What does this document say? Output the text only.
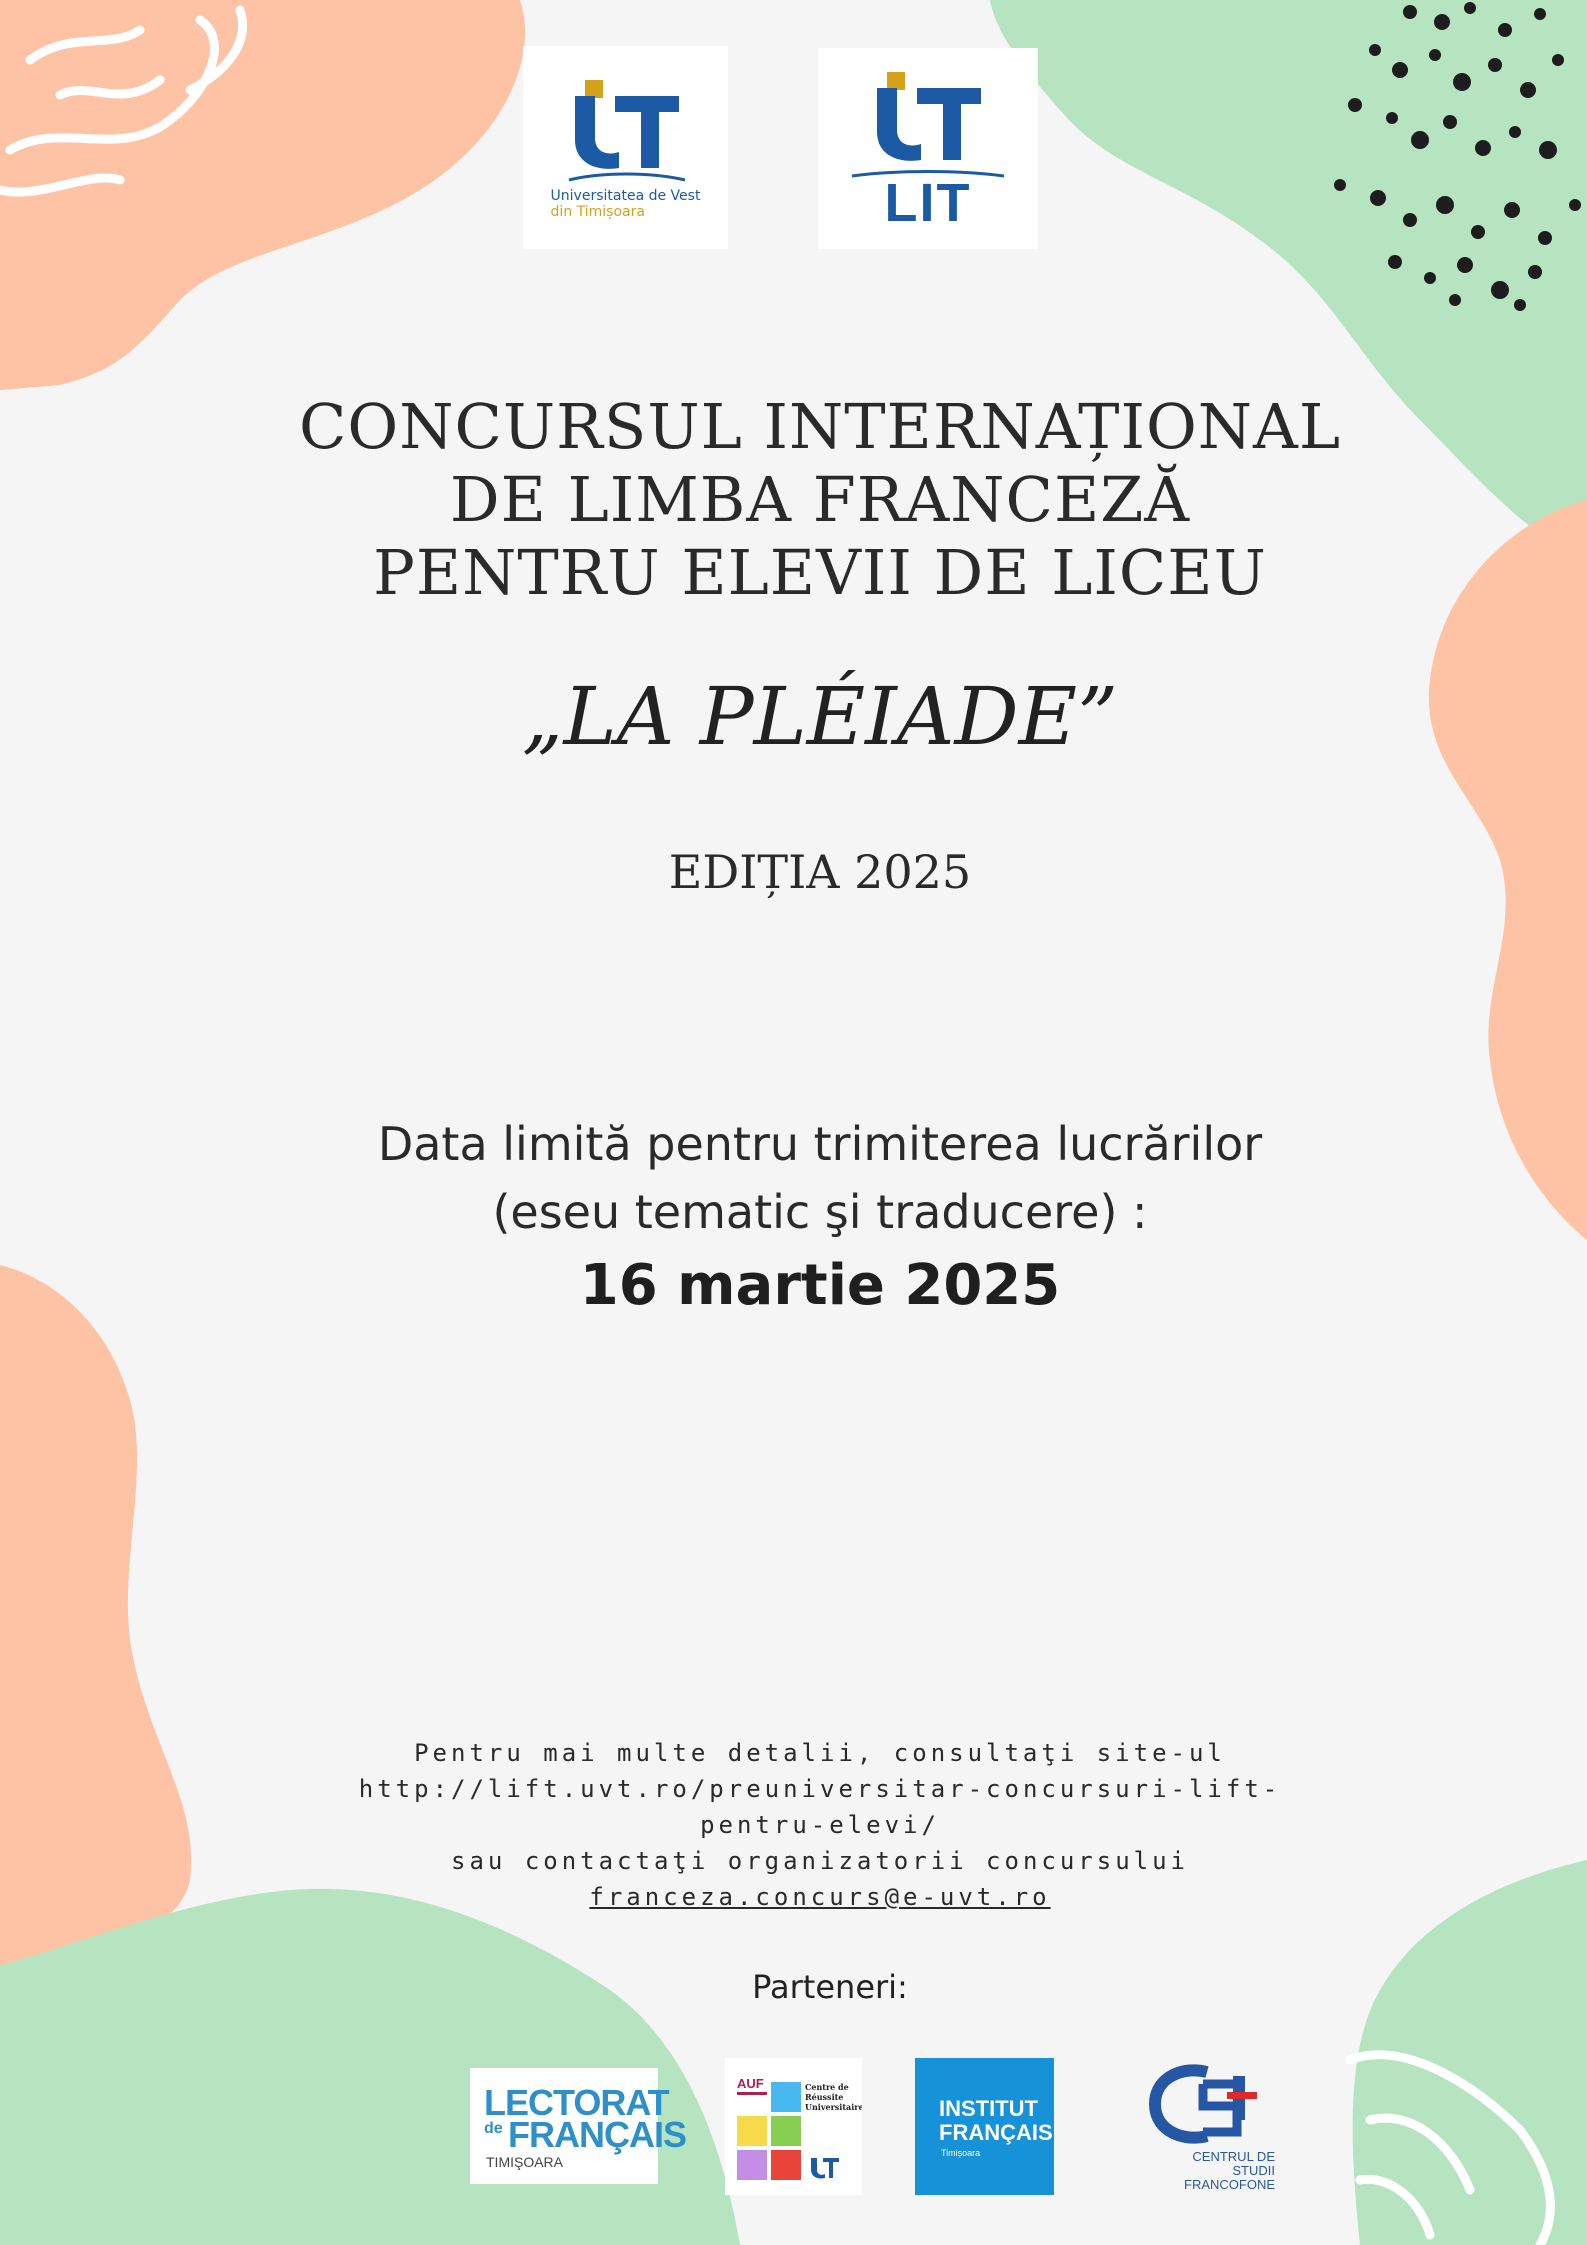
Universitatea de Vest
din Timișoara	LIT
CONCURSUL INTERNAȚIONAL
DE LIMBA FRANCEZĂ
PENTRU ELEVII DE LICEU
„LA PLÉIADE”
EDIȚIA 2025
Data limită pentru trimiterea lucrărilor
(eseu tematic şi traducere) :
16 martie 2025
Pentru mai multe detalii, consultaţi site-ul
http://lift.uvt.ro/preuniversitar-concursuri-lift-
pentru-elevi/
sau contactaţi organizatorii concursului
franceza.concurs@e-uvt.ro
Parteneri:
LECTORAT
de FRANÇAIS
TIMIŞOARA
AUF	Centre de
Réussite
Universitaire	INSTITUT
FRANÇAIS
Timișoara	CENTRUL DE
STUDII
FRANCOFONE
